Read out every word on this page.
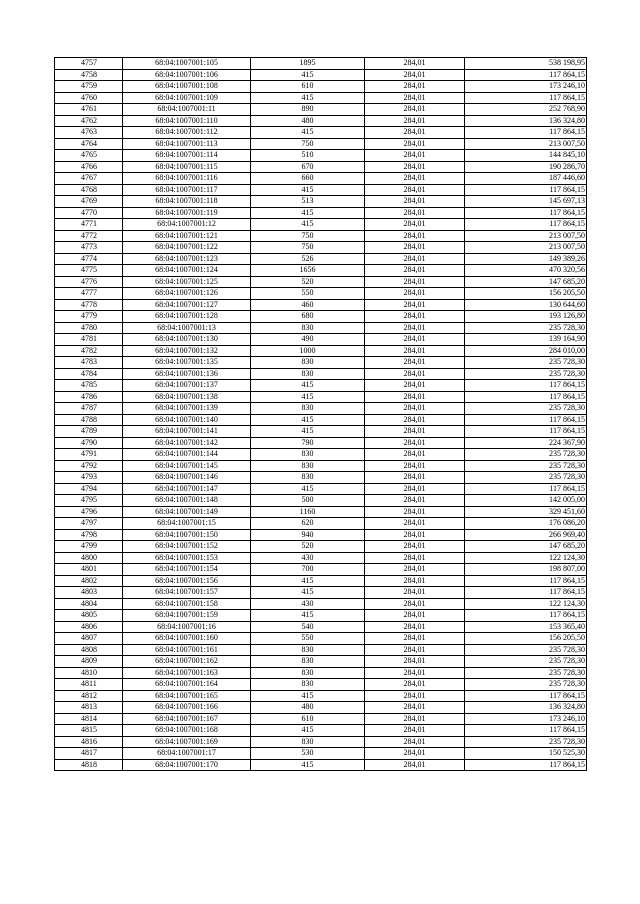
4757	68:04:1007001:105	1895	284,01	538 198,95
4758	68:04:1007001:106	415	284,01	117 864,15
4759	68:04:1007001:108	610	284,01	173 246,10
4760	68:04:1007001:109	415	284,01	117 864,15
4761	68:04:1007001:11	890	284,01	252 768,90
4762	68:04:1007001:110	480	284,01	136 324,80
4763	68:04:1007001:112	415	284,01	117 864,15
4764	68:04:1007001:113	750	284,01	213 007,50
4765	68:04:1007001:114	510	284,01	144 845,10
4766	68:04:1007001:115	670	284,01	190 286,70
4767	68:04:1007001:116	660	284,01	187 446,60
4768	68:04:1007001:117	415	284,01	117 864,15
4769	68:04:1007001:118	513	284,01	145 697,13
4770	68:04:1007001:119	415	284,01	117 864,15
4771	68:04:1007001:12	415	284,01	117 864,15
4772	68:04:1007001:121	750	284,01	213 007,50
4773	68:04:1007001:122	750	284,01	213 007,50
4774	68:04:1007001:123	526	284,01	149 389,26
4775	68:04:1007001:124	1656	284,01	470 320,56
4776	68:04:1007001:125	520	284,01	147 685,20
4777	68:04:1007001:126	550	284,01	156 205,50
4778	68:04:1007001:127	460	284,01	130 644,60
4779	68:04:1007001:128	680	284,01	193 126,80
4780	68:04:1007001:13	830	284,01	235 728,30
4781	68:04:1007001:130	490	284,01	139 164,90
4782	68:04:1007001:132	1000	284,01	284 010,00
4783	68:04:1007001:135	830	284,01	235 728,30
4784	68:04:1007001:136	830	284,01	235 728,30
4785	68:04:1007001:137	415	284,01	117 864,15
4786	68:04:1007001:138	415	284,01	117 864,15
4787	68:04:1007001:139	830	284,01	235 728,30
4788	68:04:1007001:140	415	284,01	117 864,15
4789	68:04:1007001:141	415	284,01	117 864,15
4790	68:04:1007001:142	790	284,01	224 367,90
4791	68:04:1007001:144	830	284,01	235 728,30
4792	68:04:1007001:145	830	284,01	235 728,30
4793	68:04:1007001:146	830	284,01	235 728,30
4794	68:04:1007001:147	415	284,01	117 864,15
4795	68:04:1007001:148	500	284,01	142 005,00
4796	68:04:1007001:149	1160	284,01	329 451,60
4797	68:04:1007001:15	620	284,01	176 086,20
4798	68:04:1007001:150	940	284,01	266 969,40
4799	68:04:1007001:152	520	284,01	147 685,20
4800	68:04:1007001:153	430	284,01	122 124,30
4801	68:04:1007001:154	700	284,01	198 807,00
4802	68:04:1007001:156	415	284,01	117 864,15
4803	68:04:1007001:157	415	284,01	117 864,15
4804	68:04:1007001:158	430	284,01	122 124,30
4805	68:04:1007001:159	415	284,01	117 864,15
4806	68:04:1007001:16	540	284,01	153 365,40
4807	68:04:1007001:160	550	284,01	156 205,50
4808	68:04:1007001:161	830	284,01	235 728,30
4809	68:04:1007001:162	830	284,01	235 728,30
4810	68:04:1007001:163	830	284,01	235 728,30
4811	68:04:1007001:164	830	284,01	235 728,30
4812	68:04:1007001:165	415	284,01	117 864,15
4813	68:04:1007001:166	480	284,01	136 324,80
4814	68:04:1007001:167	610	284,01	173 246,10
4815	68:04:1007001:168	415	284,01	117 864,15
4816	68:04:1007001:169	830	284,01	235 728,30
4817	68:04:1007001:17	530	284,01	150 525,30
4818	68:04:1007001:170	415	284,01	117 864,15
